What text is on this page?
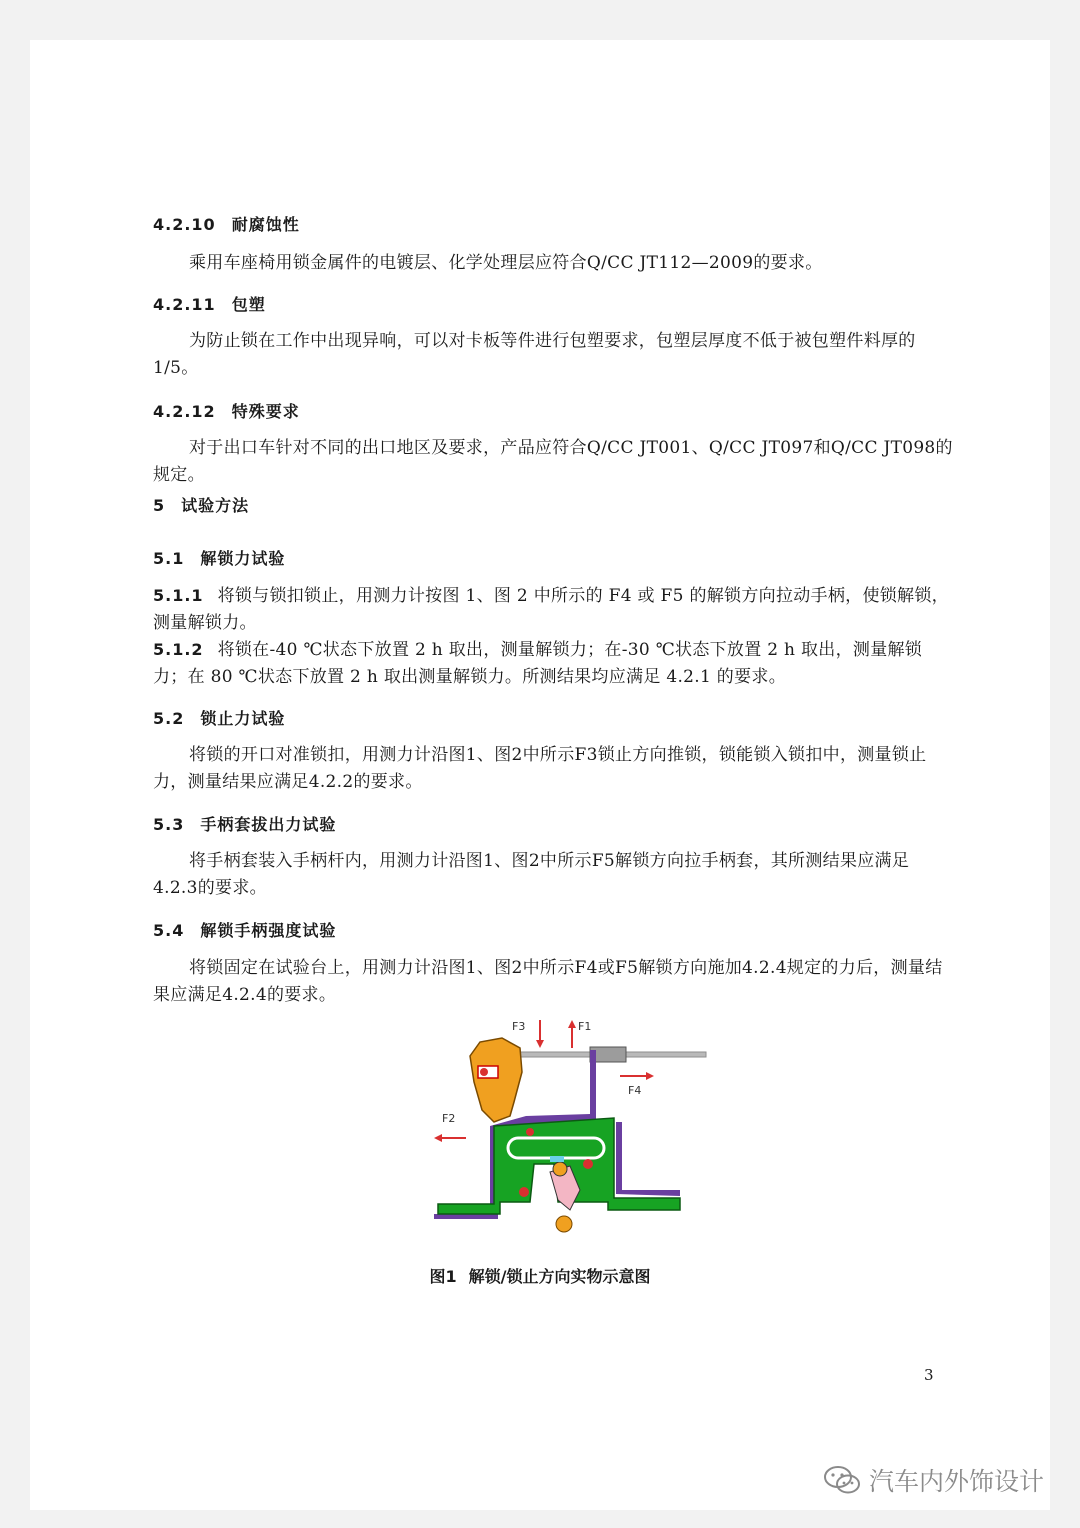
4.2.10 耐腐蚀性
乘用车座椅用锁金属件的电镀层、化学处理层应符合Q/CC JT112—2009的要求。
4.2.11 包塑
为防止锁在工作中出现异响，可以对卡板等件进行包塑要求，包塑层厚度不低于被包塑件料厚的1/5。
4.2.12 特殊要求
对于出口车针对不同的出口地区及要求，产品应符合Q/CC JT001、Q/CC JT097和Q/CC JT098的规定。
5 试验方法
5.1 解锁力试验
5.1.1 将锁与锁扣锁止，用测力计按图 1、图 2 中所示的 F4 或 F5 的解锁方向拉动手柄，使锁解锁，测量解锁力。
5.1.2 将锁在-40 ℃状态下放置 2 h 取出，测量解锁力；在-30 ℃状态下放置 2 h 取出，测量解锁力；在 80 ℃状态下放置 2 h 取出测量解锁力。所测结果均应满足 4.2.1 的要求。
5.2 锁止力试验
将锁的开口对准锁扣，用测力计沿图1、图2中所示F3锁止方向推锁，锁能锁入锁扣中，测量锁止力，测量结果应满足4.2.2的要求。
5.3 手柄套拔出力试验
将手柄套装入手柄杆内，用测力计沿图1、图2中所示F5解锁方向拉手柄套，其所测结果应满足4.2.3的要求。
5.4 解锁手柄强度试验
将锁固定在试验台上，用测力计沿图1、图2中所示F4或F5解锁方向施加4.2.4规定的力后，测量结果应满足4.2.4的要求。
F3	F1
F4
F2
图1 解锁/锁止方向实物示意图
3
汽车内外饰设计
